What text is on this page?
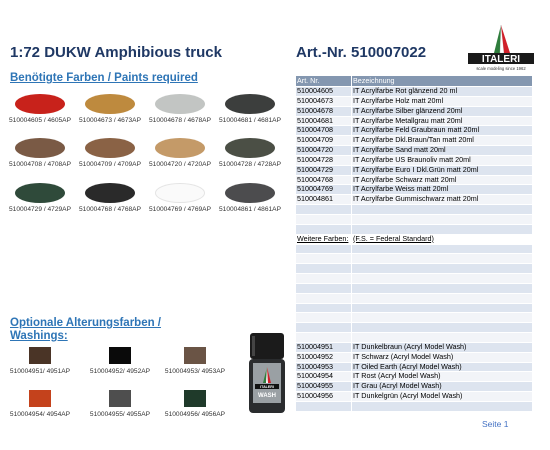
1:72 DUKW Amphibious truck	Art.-Nr. 510007022	ITALERI
scale modeling since 1962
Benötigte Farben / Paints required
510004605 / 4605AP	510004673 / 4673AP	510004678 / 4678AP	510004681 / 4681AP
510004708 / 4708AP	510004709 / 4709AP	510004720 / 4720AP	510004728 / 4728AP
510004729 / 4729AP	510004768 / 4768AP	510004769 / 4769AP	510004861 / 4861AP
Optionale Alterungsfarben / Washings:
510004951/ 4951AP	510004952/ 4952AP	510004953/ 4953AP
510004954/ 4954AP	510004955/ 4955AP	510004956/ 4956AP
ITALERI
WASH
Art. Nr.	Bezeichnung
510004605	IT Acrylfarbe Rot glänzend 20 ml
510004673	IT Acrylfarbe Holz matt 20ml
510004678	IT Acrylfarbe Silber glänzend 20ml
510004681	IT Acrylfarbe Metallgrau matt 20ml
510004708	IT Acrylfarbe Feld Graubraun matt 20ml
510004709	IT Acrylfarbe Dkl.Braun/Tan matt 20ml
510004720	IT Acrylfarbe Sand matt 20ml
510004728	IT Acrylfarbe US Braunoliv matt 20ml
510004729	IT Acrylfarbe Euro I Dkl.Grün matt 20ml
510004768	IT Acrylfarbe Schwarz matt 20ml
510004769	IT Acrylfarbe Weiss matt 20ml
510004861	IT Acrylfarbe Gummischwarz matt 20ml

Weitere Farben:	(F.S. = Federal Standard)

510004951	IT Dunkelbraun (Acryl Model Wash)
510004952	IT Schwarz (Acryl Model Wash)
510004953	IT Oiled Earth (Acryl Model Wash)
510004954	IT Rost (Acryl Model Wash)
510004955	IT Grau (Acryl Model Wash)
510004956	IT Dunkelgrün (Acryl Model Wash)

Seite 1
